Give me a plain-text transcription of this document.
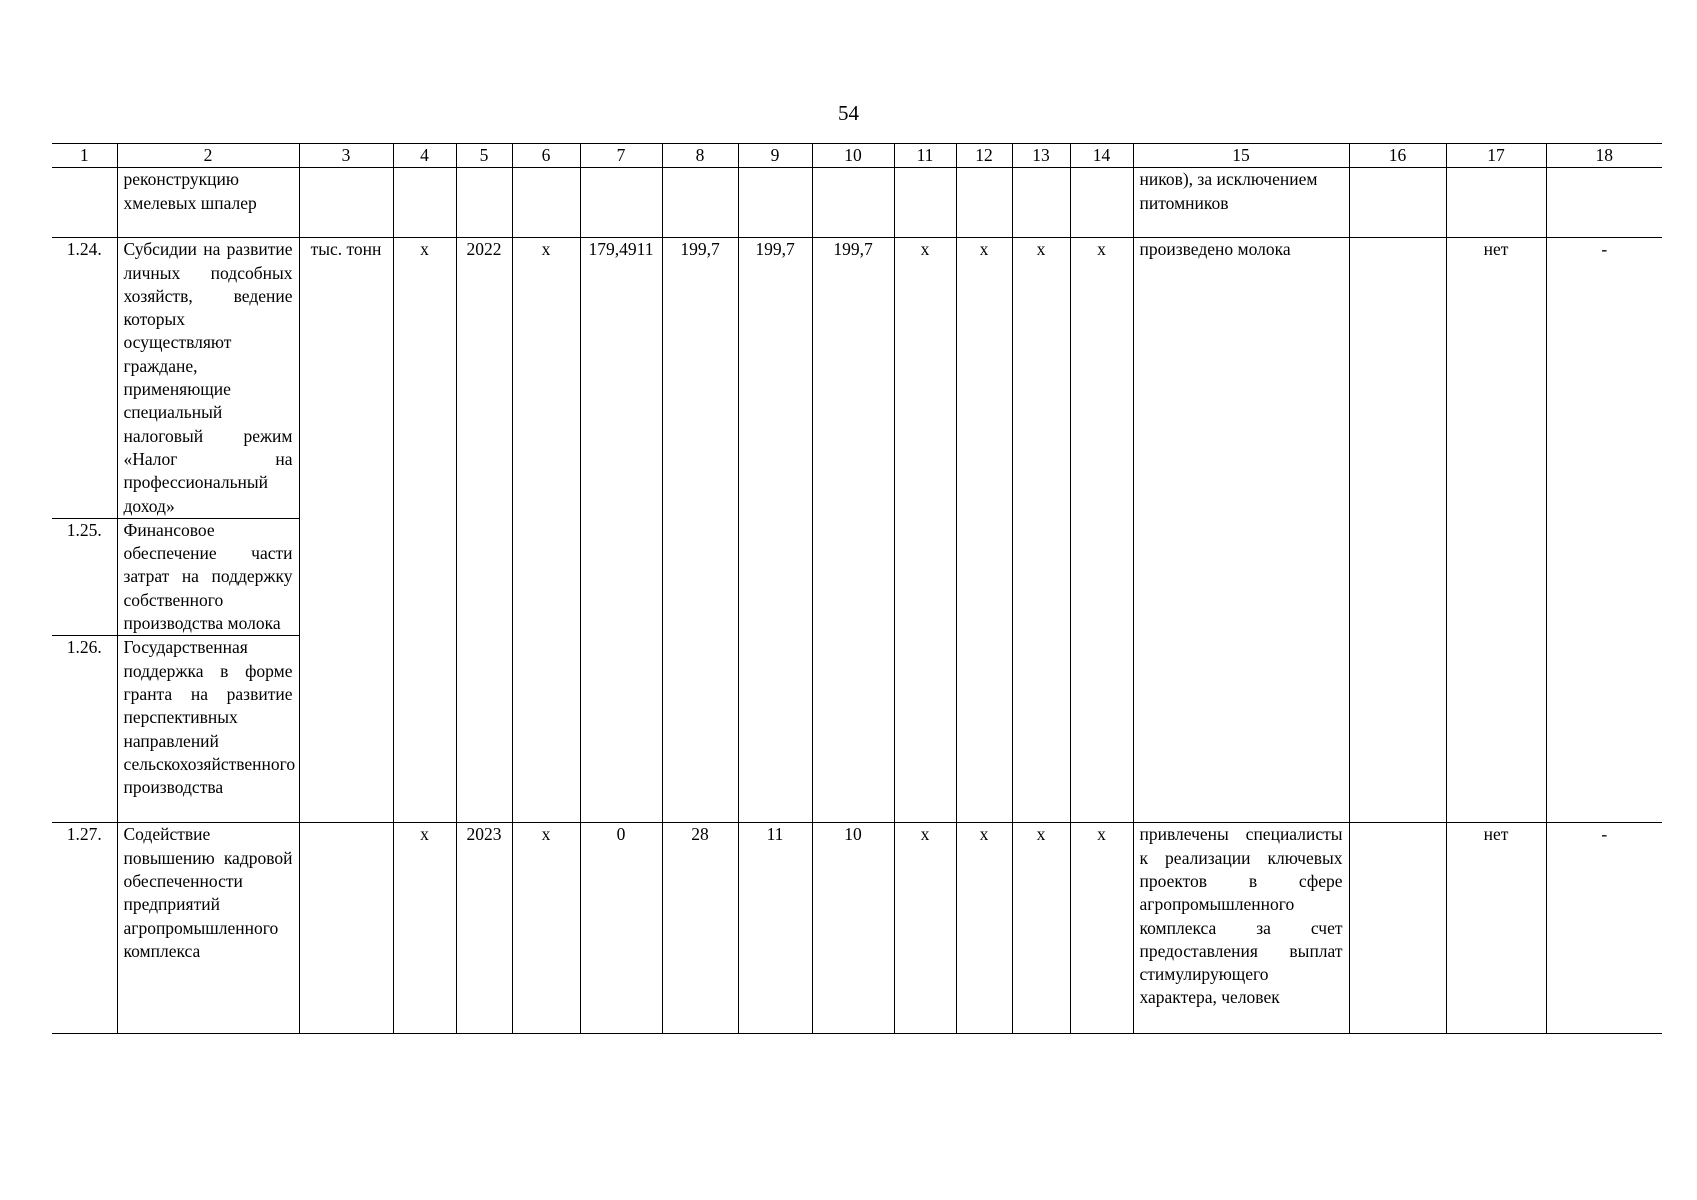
54
1	2	3	4	5	6	7	8	9	10	11	12	13	14	15	16	17	18
	реконструкцию хмелевых шпалер													ников), за исключением питомников			
1.24.	Субсидии на развитие личных подсобных хозяйств, ведение которых осуществляют граждане, применяющие специальный налоговый режим «Налог на профессиональный доход»	тыс. тонн	х	2022	х	179,4911	199,7	199,7	199,7	х	х	х	х	произведено молока		нет	-
1.25.	Финансовое обеспечение части затрат на поддержку собственного производства молока																
1.26.	Государственная поддержка в форме гранта на развитие перспективных направлений сельскохозяйственного производства																
1.27.	Содействие повышению кадровой обеспеченности предприятий агропромышленного комплекса		х	2023	х	0	28	11	10	х	х	х	х	привлечены специалисты к реализации ключевых проектов в сфере агропромышленного комплекса за счет предоставления выплат стимулирующего характера, человек		нет	-
